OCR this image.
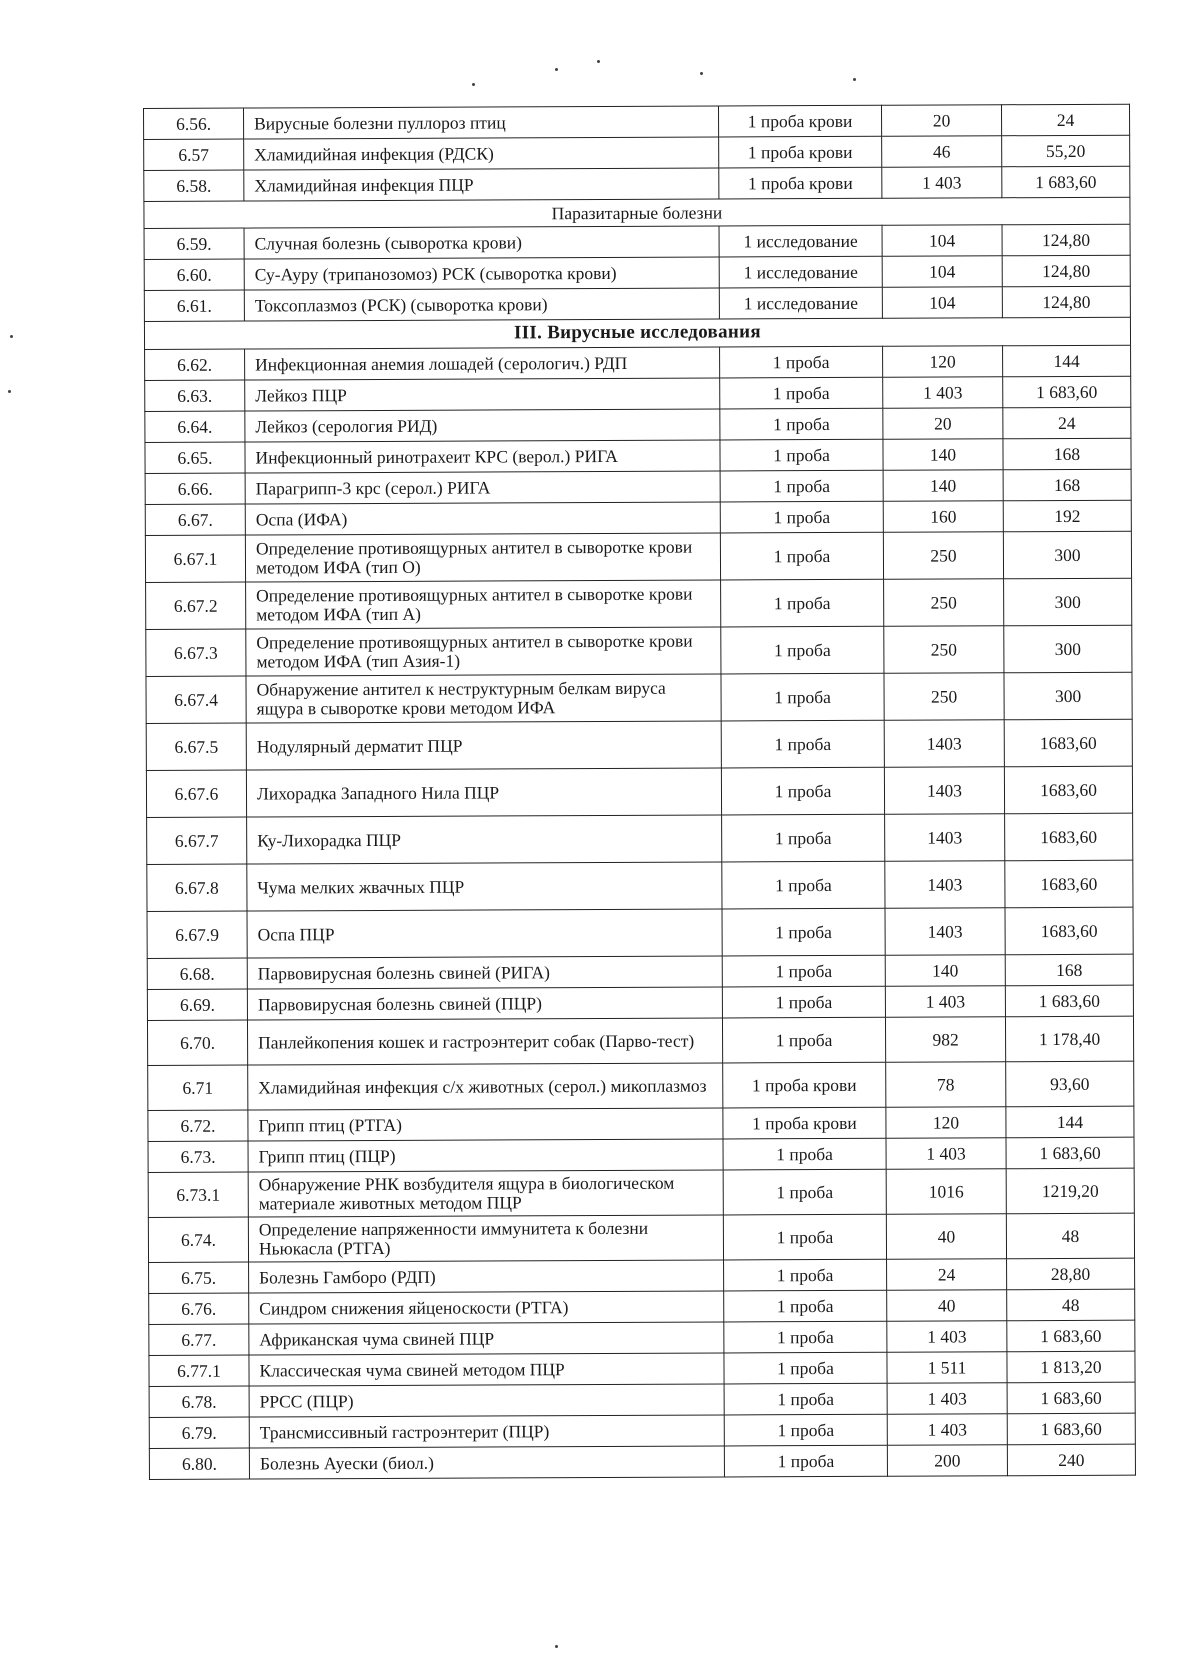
6.56.	Вирусные болезни пуллороз птиц	1 проба крови	20	24
6.57	Хламидийная инфекция (РДСК)	1 проба крови	46	55,20
6.58.	Хламидийная инфекция ПЦР	1 проба крови	1 403	1 683,60
Паразитарные болезни				
6.59.	Случная болезнь (сыворотка крови)	1 исследование	104	124,80
6.60.	Су-Ауру (трипанозомоз) РСК (сыворотка крови)	1 исследование	104	124,80
6.61.	Токсоплазмоз (РСК) (сыворотка крови)	1 исследование	104	124,80
III. Вирусные исследования				
6.62.	Инфекционная анемия лошадей (серологич.) РДП	1 проба	120	144
6.63.	Лейкоз ПЦР	1 проба	1 403	1 683,60
6.64.	Лейкоз (серология РИД)	1 проба	20	24
6.65.	Инфекционный ринотрахеит КРС (верол.) РИГА	1 проба	140	168
6.66.	Парагрипп-3 крс (серол.) РИГА	1 проба	140	168
6.67.	Оспа (ИФА)	1 проба	160	192
6.67.1	Определение противоящурных антител в сыворотке крови методом ИФА (тип О)	1 проба	250	300
6.67.2	Определение противоящурных антител в сыворотке крови методом ИФА (тип А)	1 проба	250	300
6.67.3	Определение противоящурных антител в сыворотке крови методом ИФА (тип Азия-1)	1 проба	250	300
6.67.4	Обнаружение антител к неструктурным белкам вируса ящура в сыворотке крови методом ИФА	1 проба	250	300
6.67.5	Нодулярный дерматит ПЦР	1 проба	1403	1683,60
6.67.6	Лихорадка Западного Нила ПЦР	1 проба	1403	1683,60
6.67.7	Ку-Лихорадка ПЦР	1 проба	1403	1683,60
6.67.8	Чума мелких жвачных ПЦР	1 проба	1403	1683,60
6.67.9	Оспа ПЦР	1 проба	1403	1683,60
6.68.	Парвовирусная болезнь свиней (РИГА)	1 проба	140	168
6.69.	Парвовирусная болезнь свиней (ПЦР)	1 проба	1 403	1 683,60
6.70.	Панлейкопения кошек и гастроэнтерит собак (Парво-тест)	1 проба	982	1 178,40
6.71	Хламидийная инфекция с/х животных (серол.) микоплазмоз	1 проба крови	78	93,60
6.72.	Грипп птиц (РТГА)	1 проба крови	120	144
6.73.	Грипп птиц (ПЦР)	1 проба	1 403	1 683,60
6.73.1	Обнаружение РНК возбудителя ящура в биологическом материале животных методом ПЦР	1 проба	1016	1219,20
6.74.	Определение напряженности иммунитета к болезни Ньюкасла (РТГА)	1 проба	40	48
6.75.	Болезнь Гамборо (РДП)	1 проба	24	28,80
6.76.	Синдром снижения яйценоскости (РТГА)	1 проба	40	48
6.77.	Африканская чума свиней ПЦР	1 проба	1 403	1 683,60
6.77.1	Классическая чума свиней методом ПЦР	1 проба	1 511	1 813,20
6.78.	PPCC (ПЦР)	1 проба	1 403	1 683,60
6.79.	Трансмиссивный гастроэнтерит (ПЦР)	1 проба	1 403	1 683,60
6.80.	Болезнь Ауески (биол.)	1 проба	200	240
